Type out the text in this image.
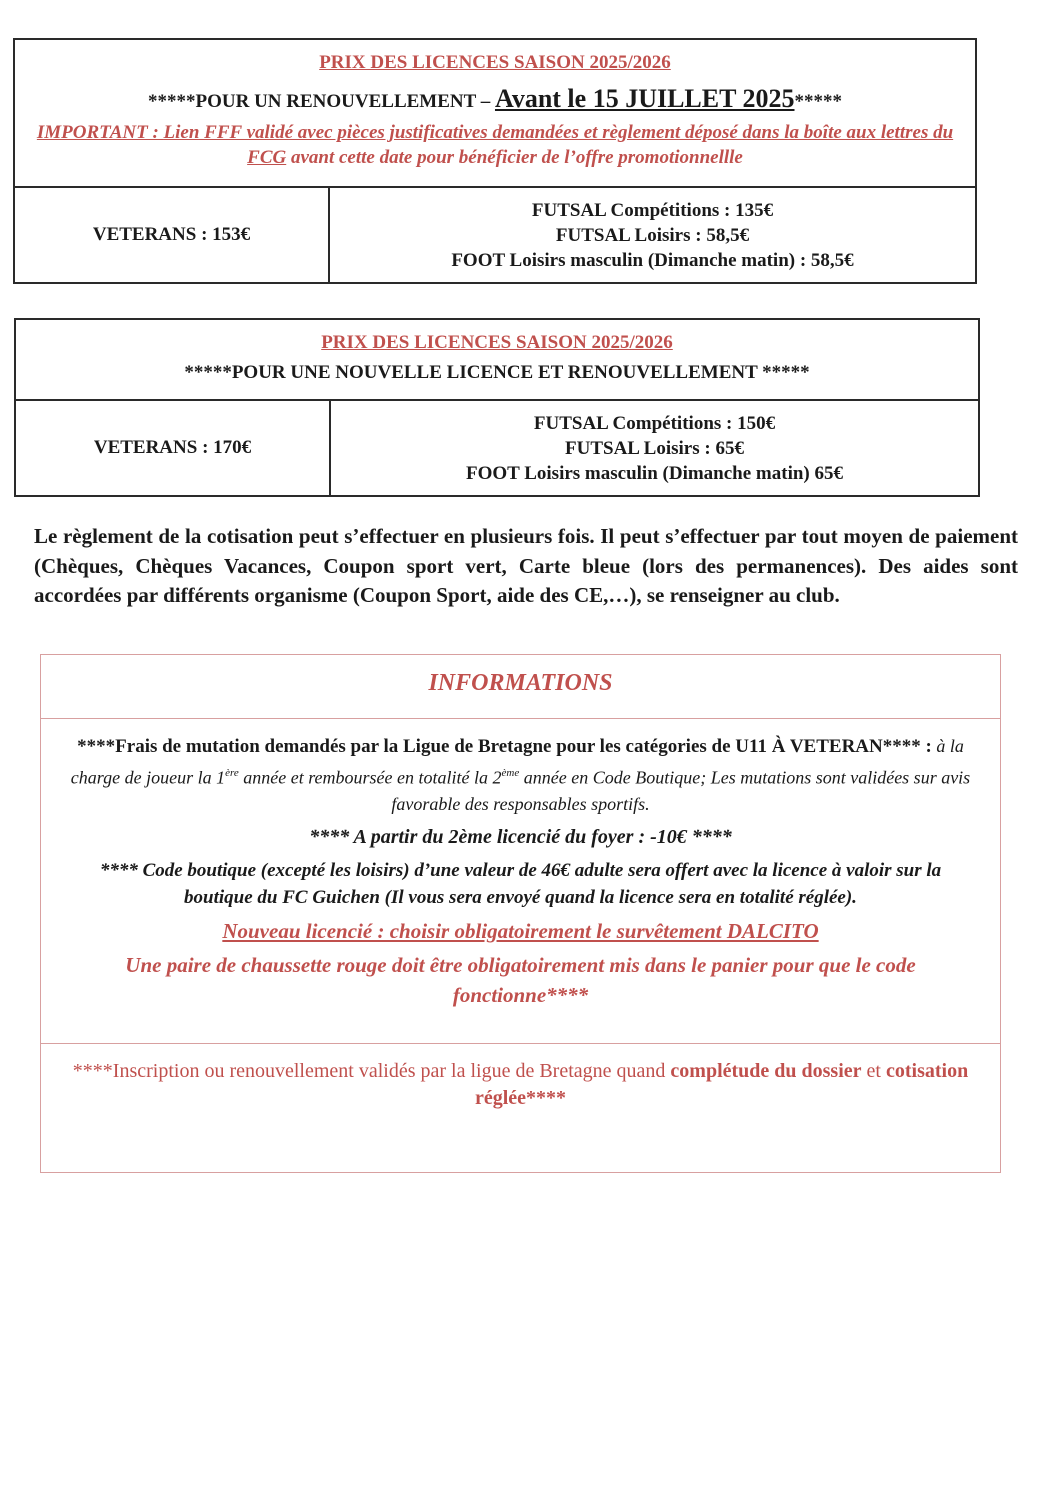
PRIX DES LICENCES SAISON 2025/2026
*****POUR UN RENOUVELLEMENT – Avant le 15 JUILLET 2025*****
IMPORTANT : Lien FFF validé avec pièces justificatives demandées et règlement déposé dans la boîte aux lettres du FCG avant cette date pour bénéficier de l’offre promotionnellle
VETERANS : 153€
FUTSAL Compétitions : 135€
FUTSAL Loisirs : 58,5€
FOOT Loisirs masculin (Dimanche matin) : 58,5€
PRIX DES LICENCES SAISON 2025/2026
*****POUR UNE NOUVELLE LICENCE ET RENOUVELLEMENT *****
VETERANS : 170€
FUTSAL Compétitions : 150€
FUTSAL Loisirs : 65€
FOOT Loisirs masculin (Dimanche matin) 65€
Le règlement de la cotisation peut s’effectuer en plusieurs fois. Il peut s’effectuer par tout moyen de paiement (Chèques, Chèques Vacances, Coupon sport vert, Carte bleue (lors des permanences). Des aides sont accordées par différents organisme (Coupon Sport, aide des CE,…), se renseigner au club.
INFORMATIONS
****Frais de mutation demandés par la Ligue de Bretagne pour les catégories de U11 À VETERAN**** : à la charge de joueur la 1ère année et remboursée en totalité la 2ème année en Code Boutique; Les mutations sont validées sur avis favorable des responsables sportifs.
**** A partir du 2ème licencié du foyer : -10€ ****
**** Code boutique (excepté les loisirs) d’une valeur de 46€ adulte sera offert avec la licence à valoir sur la boutique du FC Guichen (Il vous sera envoyé quand la licence sera en totalité réglée).
Nouveau licencié : choisir obligatoirement le survêtement DALCITO
Une paire de chaussette rouge doit être obligatoirement mis dans le panier pour que le code fonctionne****
****Inscription ou renouvellement validés par la ligue de Bretagne quand complétude du dossier et cotisation réglée****
